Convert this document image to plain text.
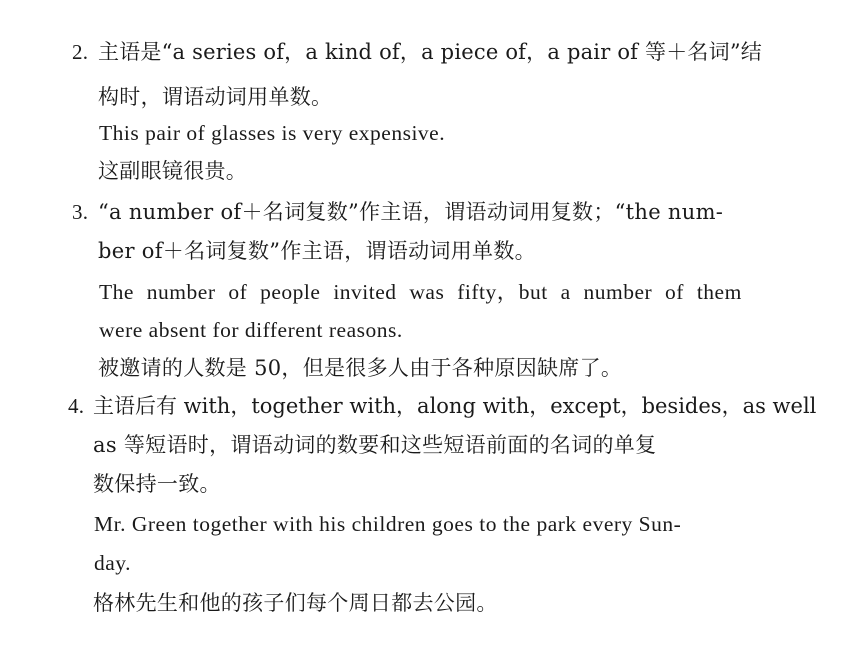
2. 主语是“a series of，a kind of，a piece of，a pair of 等＋名词”结
构时，谓语动词用单数。
This pair of glasses is very expensive.
这副眼镜很贵。
3. “a number of＋名词复数”作主语，谓语动词用复数；“the num-
ber of＋名词复数”作主语，谓语动词用单数。
The number of people invited was fifty，but a number of them
were absent for different reasons.
被邀请的人数是 50，但是很多人由于各种原因缺席了。
4. 主语后有 with，together with，along with，except，besides，as well
as 等短语时，谓语动词的数要和这些短语前面的名词的单复
数保持一致。
Mr. Green together with his children goes to the park every Sun-
day.
格林先生和他的孩子们每个周日都去公园。
